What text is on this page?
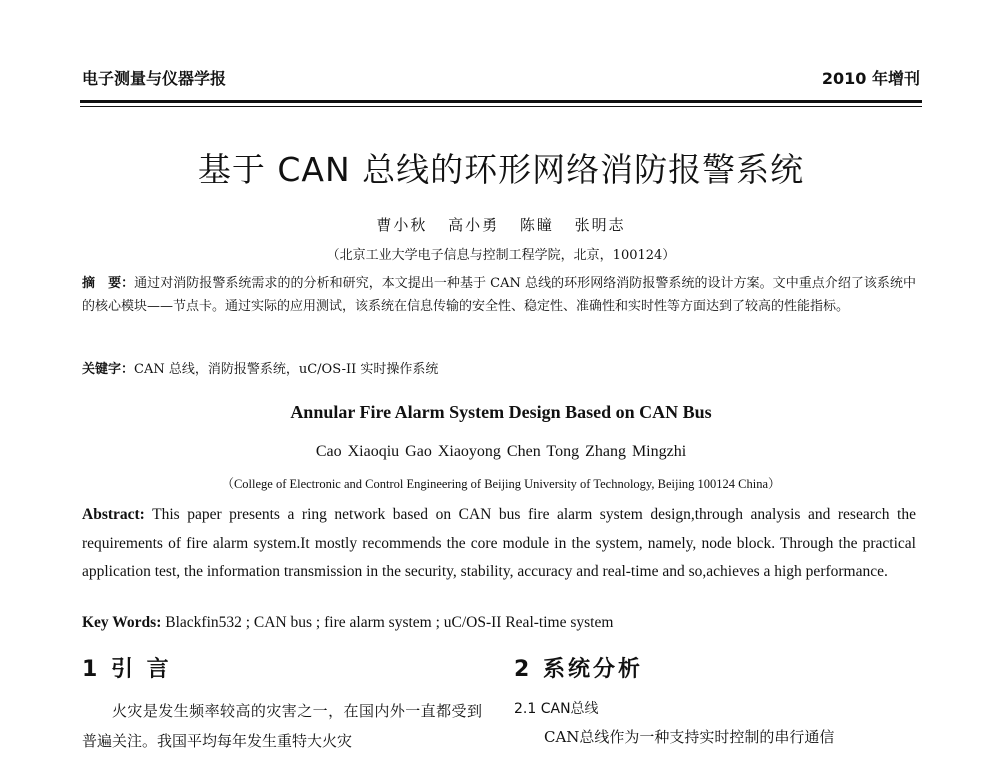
电子测量与仪器学报	2010 年增刊
基于 CAN 总线的环形网络消防报警系统
曹小秋 高小勇 陈瞳 张明志
（北京工业大学电子信息与控制工程学院，北京，100124）
摘　要：通过对消防报警系统需求的的分析和研究，本文提出一种基于 CAN 总线的环形网络消防报警系统的设计方案。文中重点介绍了该系统中的核心模块——节点卡。通过实际的应用测试，该系统在信息传输的安全性、稳定性、准确性和实时性等方面达到了较高的性能指标。
关键字：CAN 总线，消防报警系统，uC/OS-II 实时操作系统
Annular Fire Alarm System Design Based on CAN Bus
Cao Xiaoqiu Gao Xiaoyong Chen Tong Zhang Mingzhi
（College of Electronic and Control Engineering of Beijing University of Technology, Beijing 100124 China）
Abstract: This paper presents a ring network based on CAN bus fire alarm system design,through analysis and research the requirements of fire alarm system.It mostly recommends the core module in the system, namely, node block. Through the practical application test, the information transmission in the security, stability, accuracy and real-time and so,achieves a high performance.
Key Words: Blackfin532 ; CAN bus ; fire alarm system ; uC/OS-II Real-time system
1 引 言
火灾是发生频率较高的灾害之一，在国内外一直都受到普遍关注。我国平均每年发生重特大火灾
2 系统分析
2.1 CAN总线
CAN总线作为一种支持实时控制的串行通信
